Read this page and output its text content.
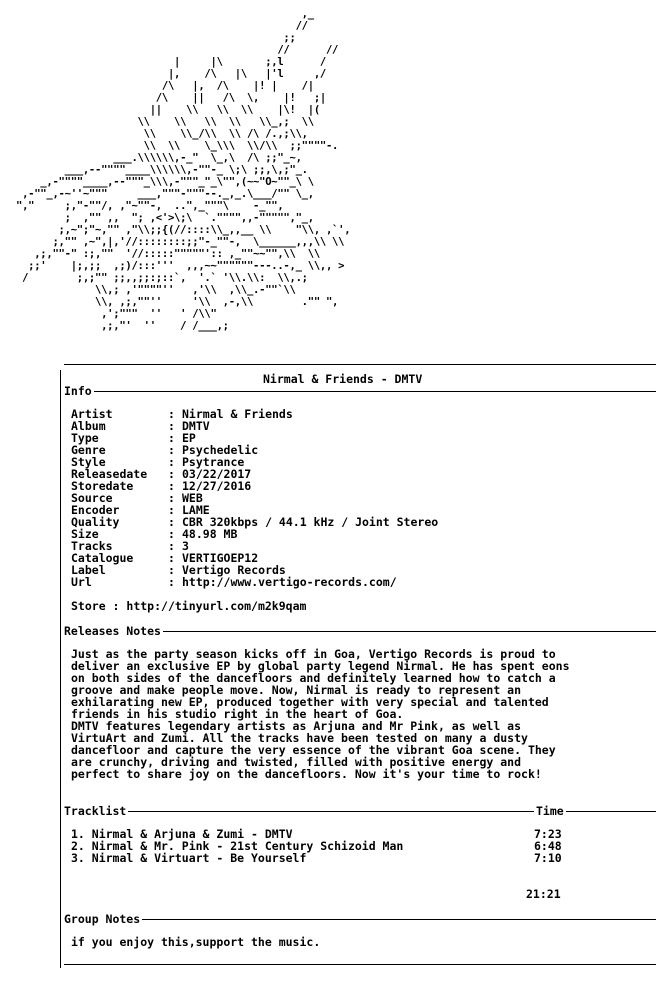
,_
//
;;
//      //
|     |\       ;,l      /
|,    /\   |\   |'l     ,/
/\   |,  /\    |! |    /|
/\    ||   /\  \,    |!   ;|
||    \\   \\  \\    |\!  |(
\\    \\   \\  \\   \\_,;  \\
\\    \\_/\\  \\ /\ /.,;\\,
\\  \\    \_\\\  \\/\\  ;;""""-.
___.\\\\\\,-_"  \_,\  /\ ;;"_~,
___,--""""____\\\\\\,-""-_ \;\ ;;,\,;"_.
_,-""""____,--"""_\\\,-"""_"_\"",(~~"O~""_\ \
,-""_,-~''~"""     ___,"""-"""--._,_.\___/"" \_,
","     ;,"-""/, ,"~""-,  ..",_"""\    -_"",
;  ,"" ,,  "; ,<'>\;\  `."""",,-""""","_,
;,~";"~,"" ,"\\;;{(//::::\\_,,__ \\    "\\, ,`',
;,"" ,~",|,'//::::::::;;"-_""-,  \______,,,\\ \\
,;,""-" :;,""  '//:::::"""""':: ,_""~~"",\\  \\
;;'    |;,;;  ,;)/:::'''  ,,,~~""""""---..-,_ \\,, >
/        ;,;"" ;;,,;;:;::`,  '.` '\\.\\:  \\,.;
\\,; ,'""""''   ,'\\  ,\\_.-""`\\
\\, ,;,""''     '\\  ,-,\\        ."" ",
,';"""  ''   ' /\\"
,;,"'  ''    / /___,;
Nirmal & Friends - DMTV
Info
Artist	: Nirmal & Friends
Album	: DMTV
Type	: EP
Genre	: Psychedelic
Style	: Psytrance
Releasedate : 03/22/2017
Storedate	: 12/27/2016
Source	: WEB
Encoder	: LAME
Quality	: CBR 320kbps / 44.1 kHz / Joint Stereo
Size	: 48.98 MB
Tracks	: 3
Catalogue	: VERTIGOEP12
Label	: Vertigo Records
Url	: http://www.vertigo-records.com/
Store : http://tinyurl.com/m2k9qam
Releases Notes
Just as the party season kicks off in Goa, Vertigo Records is proud to
deliver an exclusive EP by global party legend Nirmal. He has spent eons
on both sides of the dancefloors and definitely learned how to catch a
groove and make people move. Now, Nirmal is ready to represent an
exhilarating new EP, produced together with very special and talented
friends in his studio right in the heart of Goa.
DMTV features legendary artists as Arjuna and Mr Pink, as well as
VirtuArt and Zumi. All the tracks have been tested on many a dusty
dancefloor and capture the very essence of the vibrant Goa scene. They
are crunchy, driving and twisted, filled with positive energy and
perfect to share joy on the dancefloors. Now it's your time to rock!
Tracklist	Time
1. Nirmal & Arjuna & Zumi - DMTV	7:23
2. Nirmal & Mr. Pink - 21st Century Schizoid Man	6:48
3. Nirmal & Virtuart - Be Yourself	7:10
21:21
Group Notes
if you enjoy this,support the music.
